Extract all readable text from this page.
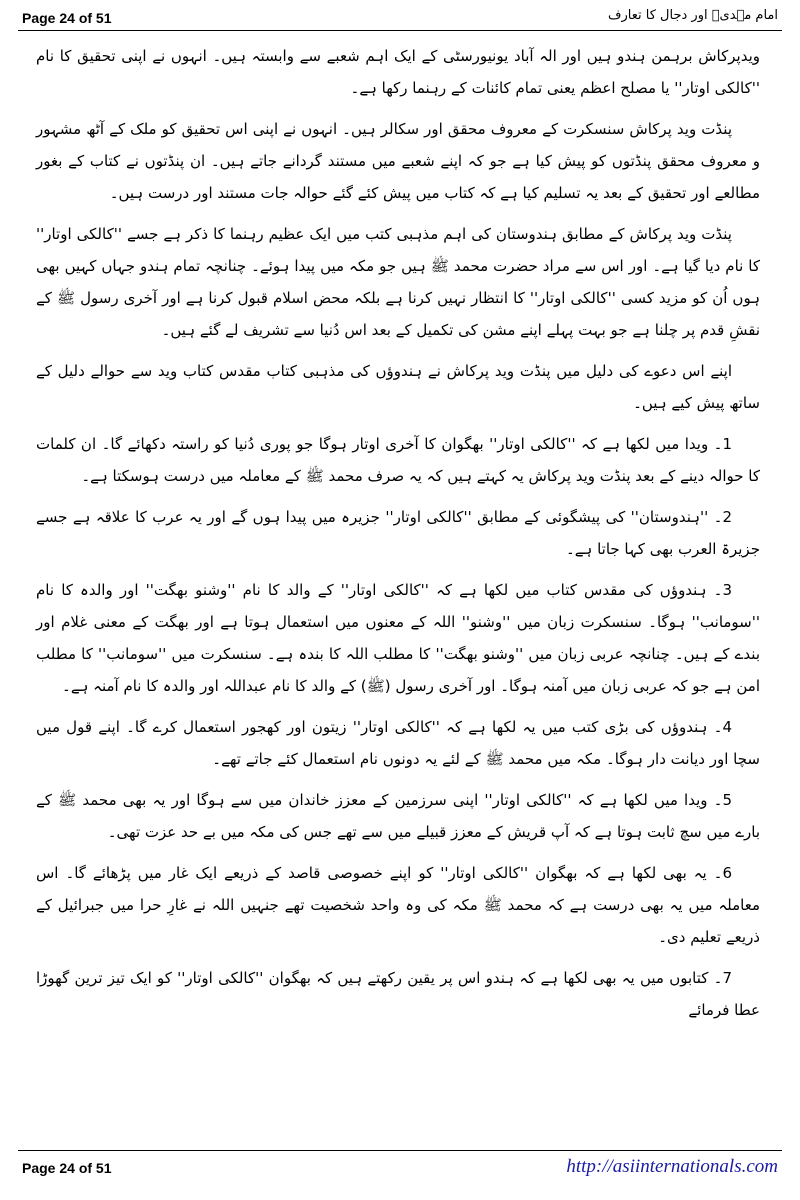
Page 24 of 51	امام مہدیؑ اور دجال کا تعارف

ویدپرکاش برہمن ہندو ہیں اور الہ آباد یونیورسٹی کے ایک اہم شعبے سے وابستہ ہیں۔ انہوں نے اپنی تحقیق کا نام ''کالکی اوتار'' یا مصلح اعظم یعنی تمام کائنات کے رہنما رکھا ہے۔

پنڈت وید پرکاش سنسکرت کے معروف محقق اور سکالر ہیں۔ انہوں نے اپنی اس تحقیق کو ملک کے آٹھ مشہور و معروف محقق پنڈتوں کو پیش کیا ہے جو کہ اپنے شعبے میں مستند گردانے جاتے ہیں۔ ان پنڈتوں نے کتاب کے بغور مطالعے اور تحقیق کے بعد یہ تسلیم کیا ہے کہ کتاب میں پیش کئے گئے حوالہ جات مستند اور درست ہیں۔

پنڈت وید پرکاش کے مطابق ہندوستان کی اہم مذہبی کتب میں ایک عظیم رہنما کا ذکر ہے جسے ''کالکی اوتار'' کا نام دیا گیا ہے۔ اور اس سے مراد حضرت محمد ﷺ ہیں جو مکہ میں پیدا ہوئے۔ چنانچہ تمام ہندو جہاں کہیں بھی ہوں اُن کو مزید کسی ''کالکی اوتار'' کا انتظار نہیں کرنا ہے بلکہ محض اسلام قبول کرنا ہے اور آخری رسول ﷺ کے نقشِ قدم پر چلنا ہے جو بہت پہلے اپنے مشن کی تکمیل کے بعد اس دُنیا سے تشریف لے گئے ہیں۔

اپنے اس دعوے کی دلیل میں پنڈت وید پرکاش نے ہندوؤں کی مذہبی کتاب مقدس کتاب وید سے حوالے دلیل کے ساتھ پیش کیے ہیں۔

1۔ ویدا میں لکھا ہے کہ ''کالکی اوتار'' بھگوان کا آخری اوتار ہوگا جو پوری دُنیا کو راستہ دکھائے گا۔ ان کلمات کا حوالہ دینے کے بعد پنڈت وید پرکاش یہ کہتے ہیں کہ یہ صرف محمد ﷺ کے معاملہ میں درست ہوسکتا ہے۔

2۔ ''ہندوستان'' کی پیشگوئی کے مطابق ''کالکی اوتار'' جزیرہ میں پیدا ہوں گے اور یہ عرب کا علاقہ ہے جسے جزیرۃ العرب بھی کہا جاتا ہے۔

3۔ ہندوؤں کی مقدس کتاب میں لکھا ہے کہ ''کالکی اوتار'' کے والد کا نام ''وشنو بھگت'' اور والدہ کا نام ''سومانب'' ہوگا۔ سنسکرت زبان میں ''وشنو'' اللہ کے معنوں میں استعمال ہوتا ہے اور بھگت کے معنی غلام اور بندے کے ہیں۔ چنانچہ عربی زبان میں ''وشنو بھگت'' کا مطلب اللہ کا بندہ ہے۔ سنسکرت میں ''سومانب'' کا مطلب امن ہے جو کہ عربی زبان میں آمنہ ہوگا۔ اور آخری رسول (ﷺ) کے والد کا نام عبداللہ اور والدہ کا نام آمنہ ہے۔

4۔ ہندوؤں کی بڑی کتب میں یہ لکھا ہے کہ ''کالکی اوتار'' زیتون اور کھجور استعمال کرے گا۔ اپنے قول میں سچا اور دیانت دار ہوگا۔ مکہ میں محمد ﷺ کے لئے یہ دونوں نام استعمال کئے جاتے تھے۔

5۔ ویدا میں لکھا ہے کہ ''کالکی اوتار'' اپنی سرزمین کے معزز خاندان میں سے ہوگا اور یہ بھی محمد ﷺ کے بارے میں سچ ثابت ہوتا ہے کہ آپ قریش کے معزز قبیلے میں سے تھے جس کی مکہ میں بے حد عزت تھی۔

6۔ یہ بھی لکھا ہے کہ بھگوان ''کالکی اوتار'' کو اپنے خصوصی قاصد کے ذریعے ایک غار میں پڑھائے گا۔ اس معاملہ میں یہ بھی درست ہے کہ محمد ﷺ مکہ کی وہ واحد شخصیت تھے جنہیں اللہ نے غارِ حرا میں جبرائیل کے ذریعے تعلیم دی۔

7۔ کتابوں میں یہ بھی لکھا ہے کہ ہندو اس پر یقین رکھتے ہیں کہ بھگوان ''کالکی اوتار'' کو ایک تیز ترین گھوڑا عطا فرمائے

Page 24 of 51	http://asiinternationals.com
